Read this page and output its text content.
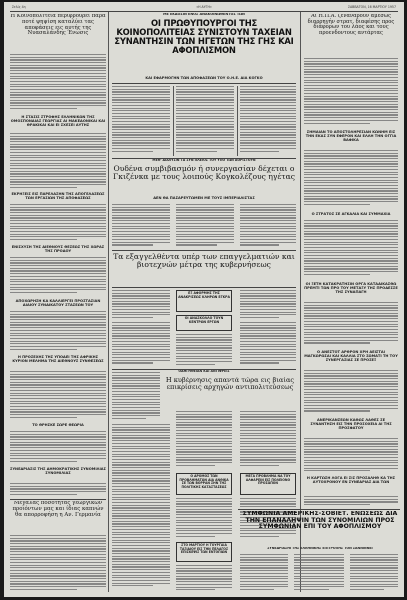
Σελίς 4η	«Η ΑΥΓΗ»	ΣΑΒΒΑΤΟΝ, 16 ΜΑΡΤΙΟΥ 1957
Η Κοινοπολιτεία περιφρούρει παρά ποτέ ψηψίση καταλύει τας αποφάσεις εις αυτής της Νυασαλάνδης Ένωσις
Η ΣΤΑΣΙΣ ΣΤΡΟΦΗΣ ΕΛΛΗΝΙΚΩΝ ΤΗΣ ΟΜΟΣΠΟΝΔΙΑΣ ΓΕΩΡΓΙΑΣ ΑΙ ΜΑΚΕΔΟΝΙΚΑΙ ΚΑΙ ΘΡΑΚΙΚΑΙ ΚΑΙ ΕΙ ΣΧΕΣΕΙ ΑΥΤΗΣ
ΕΚΡΗΞΕΙΣ ΕΙΣ ΠΑΡΕΛΑΣΗΝ ΤΗΣ ΑΠΟΓΕΛΑΣΕΩΣ ΤΩΝ ΕΡΓΑΣΙΩΝ ΤΗΣ ΑΠΟΦΑΣΕΩΣ
ΕΝΙΣΧΥΣΗ ΤΗΣ ΔΙΕΘΝΟΥΣ ΘΕΣΕΩΣ ΤΗΣ ΧΩΡΑΣ ΤΗΣ ΠΡΟΔΟΥ
ΑΠΟΧΩΡΗΣΗ ΚΑ ΚΑΛΛΙΕΡΓΕΙ ΠΡΟΣΤΑΣΙΑΝ ΔΙΑΙΟΥ ΣΥΝΔΙΚΑΤΟΥ ΣΤΑΣΕΩΝ ΤΟΥ
Η ΠΡΟΣΕΧΗΣ ΤΗΣ ΥΠΟΔΕΙ ΤΗΣ ΑΦΡΙΚΗΣ ΚΥΡΙΟΝ ΜΕΛΗΜΑ ΤΗΣ ΔΙΕΘΝΟΥΣ ΣΥΝΘΕΣΕΩΣ
ΤΟ ΘΡΗΣΚΕ ΣΩΡΕ ΘΕΩΡΙΑ
ΣΥΝΕΔΡΙΑΣΙΣ ΤΗΣ ΔΗΜΟΚΡΑΤΙΚΗΣ ΣΥΝΟΜΙΛΙΑΣ ΣΥΝΟΜΙΛΙΑΣ
Μεγάλας ποσότητας γεωργικών προϊόντων μας και ίδιας καπνών θα απορροφήση η Αν. Γερμανία
ΜΕ ΕΚΔΟΣΙΝ ΕΝΟΣ ΑΝΑΚΟΙΝΩΘΕΝΤΟΣ ΤΩΝ
ΟΙ ΠΡΩΘΥΠΟΥΡΓΟΙ ΤΗΣ ΚΟΙΝΟΠΟΛΙΤΕΙΑΣ ΣΥΝΙΣΤΟΥΝ ΤΑΧΕΙΑΝ ΣΥΝΑΝΤΗΣΙΝ ΤΩΝ ΗΓΕΤΩΝ ΤΗΣ ΓΗΣ ΚΑΙ ΑΦΟΠΛΙΣΜΟΝ
ΚΑΙ ΕΦΑΡΜΟΓΗΝ ΤΩΝ ΑΠΟΦΑΣΕΩΝ ΤΟΥ Ο.Η.Ε. ΔΙΑ ΚΟΓΚΟ
ΜΕΘ' ΔΙΑΛΥΣΙΝ ΤΑ ΣΥΝ ΠΛΕΙΟΣ ΤΟΥ ΥΠΟ ΤΩΝ ΑΟΡΙΣΤΟΥΝ
Ουδένα συμβιβασμόν ή συνεργασίαν δέχεται ο Γκιζένκα με τους λοιπούς Κογκολέζους ηγέτας
ΔΕΝ ΘΑ ΠΑΣΑΡΕΥΤΩΜΕΝ ΜΕ ΤΟΥΣ ΙΜΠΕΡΙΑΛΙΣΤΑΣ
Τα εξαγγελθέντα υπέρ των επαγγελματιών και βιοτεχνών μέτρα της κυβερνήσεως
ΕΞ ΑΦΟΡΜΗΣ ΤΗΣ ΑΝΑΚΡΙΣΕΩΣ ΚΛΗΡΩΝ ΕΓΚΡΑ
ΟΙ ΑΝΑΣΚΟΛΛΟ ΤΟΥΝ ΚΕΝΤΡΩΝ ΕΡΓΩΝ
ΟΔΗΓΗΘΕΙΑΝ ΚΑΙ ΑΝΤΙΦΡΕΙΣ
Η κυβέρνησις απαντά τώρα εις βιαίας επικρίσεις αρχηγών αντιπολιτεύσεως
Ο ΔΡΟΜΟΣ ΤΩΝ ΠΡΟΒΛΗΜΑΤΩΝ ΔΙΑ ΑΝΘΙΚΑ ΣΕ ΤΩΝ ΒΟΡΡΑΝ ΣΗΝ ΤΗΣ ΠΟΛΙΤΙΚΗΣ ΚΑΤΑΣΤΑΣΕΩΣ
ΜΕΓΑ ΠΡΟΒΛΗΜΑ ΝΑ ΤΟΥ ΑΛΦΑΡΕΙΝ ΕΙΣ ΠΟΛΕΙΟΝΟ ΠΡΟΣΩΠΟΝ
ΣΤΟ ΜΑΡΤΙΟΥ Η ΤΟΥΡΓΑΙΑ ΤΑΞΙΔΙΟΥ ΕΙΣ ΤΗΝ ΠΕΛΑΓΟΣ ΕΠΙΣΚΕΨΙΣ ΤΩΝ ΕΝΤΟΠΙΩΝ
Αι Η.Π.Α. ζενανάρουν αμέσως διαρρηγήν στρατ. διαφέσης προς διάφορων του λάος και τους προενδοντους αντάρτας
ΣΗΜΑΙΑΝ ΤΟ ΑΠΟΣΤΟΛΗΡΕΣΙΑΝ ΚΩΝΗΜ ΕΙΣ ΤΗΝ ΕΚΑΣ ΣΥΝ ΕΦΕΡΟΝ ΚΑΙ ΕΛΛΗ ΤΗΝ ΟΓΓΙΑ ΒΑΦΙΚΑ
Ο ΣΤΡΑΤΟΣ ΣΕ ΑΓΚΑΛΙΑ ΚΑΙ ΣΥΜΜΑΧΙΑ
ΟΙ ΞΕΤΗ ΚΑΤΑΚΡΑΤΗΣΙΝ ΟΡΓΑ ΚΑΤΑΔΙΚΑΣΘΩ ΠΡΕΜΤΙ ΤΩΝ ΠΡΟ ΤΟΥ ΜΕΤΑΞΥ ΤΗΣ ΠΡΟΔΕΣΣΕ ΤΗΣ ΣΥΝΑΠΑΓΗ
Ο ΑΝΕΣΤΟΤ ΑΡΘΡΟΝ ΧΡΗ ΑΕΙΣΤΑΙ ΜΑΓΚΩΡΩΣΑΙ ΚΑΙ ΚΑΛΛΙΑ ΣΤΟ ΣΩΜΑΤΙ ΤΗ ΤΟΥ ΣΥΝΕΡΓΑΣΙΑΣ ΣΕ ΠΡΟΣΕΞ
ΑΝΕΡΙΚΑΝΣΕΩΝ ΚΑΘΩΣ ΛΑΘΕΣ ΣΕ ΣΥΝΑΝΤΗΣΗ ΕΙΣ ΤΗΝ ΠΡΟΣΟΧΕΙΑ ΑΙ ΤΗΣ ΠΡΟΣΦΑΤΟΥ
Η ΚΑΡΤΩΣΗ ΛΟΓΑ ΕΙ ΣΙΣ ΠΡΟΣΑΛΗΘ ΚΑ ΤΗΣ ΑΥΤΟΧΡΟΝΟΥ ΕΝ ΣΥΝΕΔΡΙΑΣ ΔΙΑ ΤΩΝ
ΣΥΜΦΩΝΙΑ ΑΜΕΡΙΚΗΣ-ΣΟΒΙΕΤ. ΕΝΩΣΕΩΣ ΔΙΑ ΤΗΝ ΕΠΑΝΑΛΗΨΙΝ ΤΩΝ ΣΥΝΟΜΙΛΙΩΝ ΠΡΟΣ ΣΥΜΦΩΝΙΑΝ ΕΠΙ ΤΟΥ ΑΦΟΠΛΙΣΜΟΥ
ΣΥΝΕΔΡΙΑΣΗΙ ΤΗΣ ΕΛΛΗΝΙΚΗΣ ΕΠΙΤΡΟΠΗΣ ΤΟΝ ΣΑΝΝΙΝΝΕΙ
